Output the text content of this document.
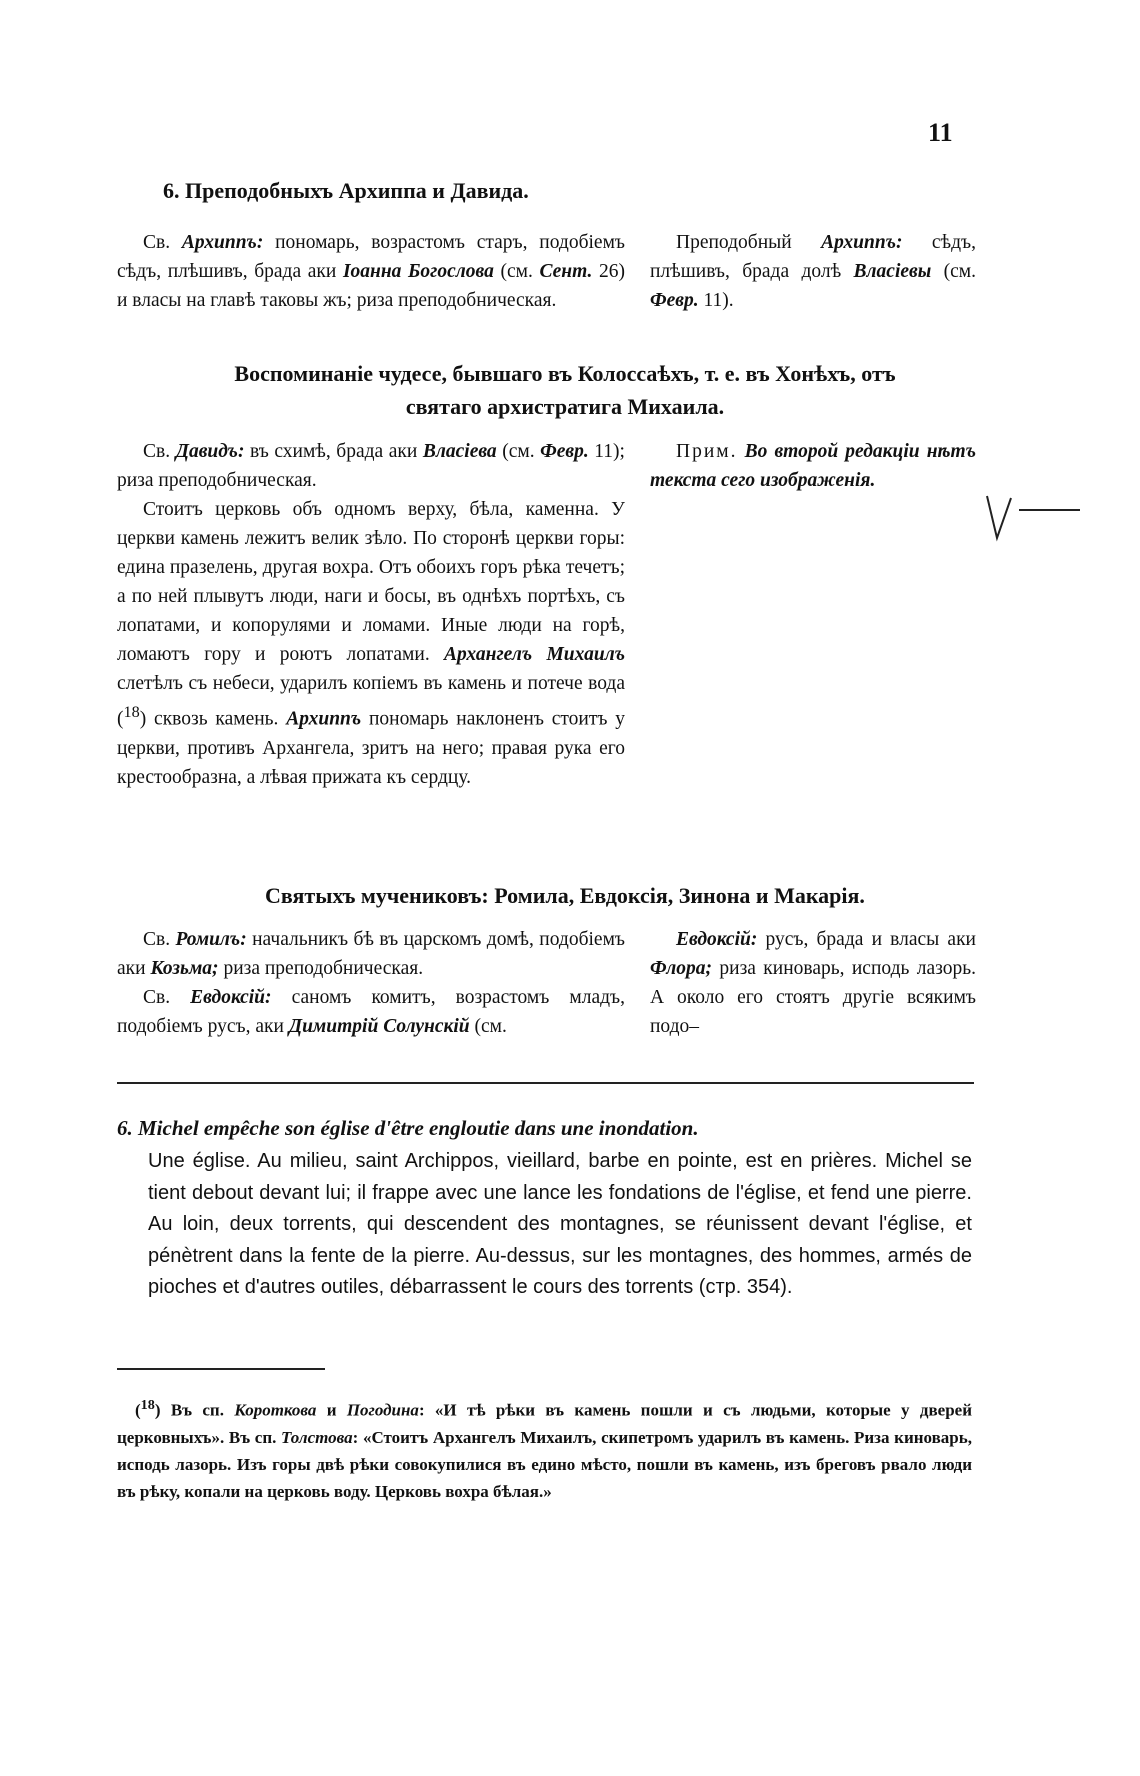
11
6. Преподобныхъ Архиппа и Давида.

Св. Архиппъ: пономарь, возрастомъ старъ, подобіемъ сѣдъ, плѣшивъ, брада аки Іоанна Богослова (см. Сент. 26) и власы на главѣ таковы жъ; риза преподобническая.

Преподобный Архиппъ: сѣдъ, плѣшивъ, брада долѣ Власіевы (см. Февр. 11).

Воспоминаніе чудесе, бывшаго въ Колоссаѣхъ, т. е. въ Хонѣхъ, отъ
святаго архистратига Михаила.

Св. Давидъ: въ схимѣ, брада аки Власіева (см. Февр. 11); риза преподобническая.

Стоитъ церковь объ одномъ верху, бѣла, каменна. У церкви камень лежитъ велик зѣло. По сторонѣ церкви горы: едина празелень, другая вохра. Отъ обоихъ горъ рѣка течетъ; а по ней плывутъ люди, наги и босы, въ однѣхъ портѣхъ, съ лопатами, и копорулями и ломами. Иные люди на горѣ, ломаютъ гору и роютъ лопатами. Архангелъ Михаилъ слетѣлъ съ небеси, ударилъ копіемъ въ камень и потече вода ($^{18}$) сквозь камень. Архиппъ пономарь наклоненъ стоитъ у церкви, противъ Архангела, зритъ на него; правая рука его крестообразна, а лѣвая прижата къ сердцу.

Прим. Во второй редакціи нѣтъ текста сего изображенія.

Святыхъ мучениковъ: Ромила, Евдоксія, Зинона и Макарія.

Св. Ромилъ: начальникъ бѣ въ царскомъ домѣ, подобіемъ аки Козьма; риза преподобническая.

Св. Евдоксій: саномъ комитъ, возрастомъ младъ, подобіемъ русъ, аки Димитрій Солунскій (см.

Евдоксій: русъ, брада и власы аки Флора; риза киноварь, исподь лазорь. А около его стоятъ другіе всякимъ подо–

6. Michel empêche son église d'être engloutie dans une inondation.

Une église. Au milieu, saint Archippos, vieillard, barbe en pointe, est en prières. Michel se tient debout devant lui; il frappe avec une lance les fondations de l'église, et fend une pierre. Au loin, deux torrents, qui descendent des montagnes, se réunissent devant l'église, et pénètrent dans la fente de la pierre. Au-dessus, sur les montagnes, des hommes, armés de pioches et d'autres outiles, débarrassent le cours des torrents (стр. 354).

($^{18}$) Въ сп. Короткова и Погодина: «И тѣ рѣки въ камень пошли и съ людьми, которые у дверей церковныхъ». Въ сп. Толстова: «Стоитъ Архангелъ Михаилъ, скипетромъ ударилъ въ камень. Риза киноварь, исподь лазорь. Изъ горы двѣ рѣки совокупилися въ едино мѣсто, пошли въ камень, изъ бреговъ рвало люди въ рѣку, копали на церковь воду. Церковь вохра бѣлая.»
